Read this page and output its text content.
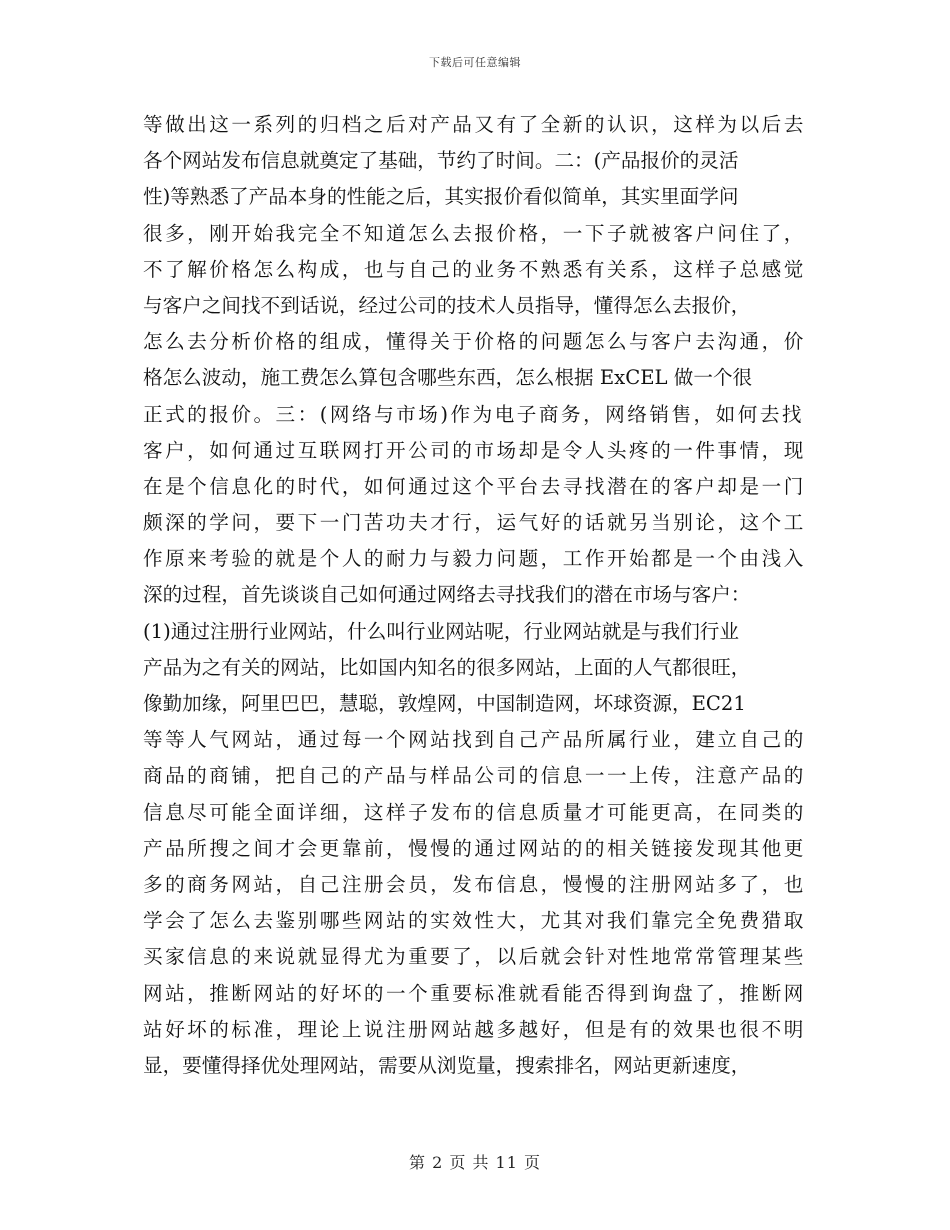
下载后可任意编辑
等做出这一系列的归档之后对产品又有了全新的认识，这样为以后去
各个网站发布信息就奠定了基础，节约了时间。二：(产品报价的灵活
性)等熟悉了产品本身的性能之后，其实报价看似简单，其实里面学问
很多，刚开始我完全不知道怎么去报价格，一下子就被客户问住了，
不了解价格怎么构成，也与自己的业务不熟悉有关系，这样子总感觉
与客户之间找不到话说，经过公司的技术人员指导，懂得怎么去报价，
怎么去分析价格的组成，懂得关于价格的问题怎么与客户去沟通，价
格怎么波动，施工费怎么算包含哪些东西，怎么根据 ExCEL 做一个很
正式的报价。三：(网络与市场)作为电子商务，网络销售，如何去找
客户，如何通过互联网打开公司的市场却是令人头疼的一件事情，现
在是个信息化的时代，如何通过这个平台去寻找潜在的客户却是一门
颇深的学问，要下一门苦功夫才行，运气好的话就另当别论，这个工
作原来考验的就是个人的耐力与毅力问题，工作开始都是一个由浅入
深的过程，首先谈谈自己如何通过网络去寻找我们的潜在市场与客户：
(1)通过注册行业网站，什么叫行业网站呢，行业网站就是与我们行业
产品为之有关的网站，比如国内知名的很多网站，上面的人气都很旺，
像勤加缘，阿里巴巴，慧聪，敦煌网，中国制造网，坏球资源，EC21
等等人气网站，通过每一个网站找到自己产品所属行业，建立自己的
商品的商铺，把自己的产品与样品公司的信息一一上传，注意产品的
信息尽可能全面详细，这样子发布的信息质量才可能更高，在同类的
产品所搜之间才会更靠前，慢慢的通过网站的的相关链接发现其他更
多的商务网站，自己注册会员，发布信息，慢慢的注册网站多了，也
学会了怎么去鉴别哪些网站的实效性大，尤其对我们靠完全免费猎取
买家信息的来说就显得尤为重要了，以后就会针对性地常常管理某些
网站，推断网站的好坏的一个重要标准就看能否得到询盘了，推断网
站好坏的标准，理论上说注册网站越多越好，但是有的效果也很不明
显，要懂得择优处理网站，需要从浏览量，搜索排名，网站更新速度，
第 2 页 共 11 页
